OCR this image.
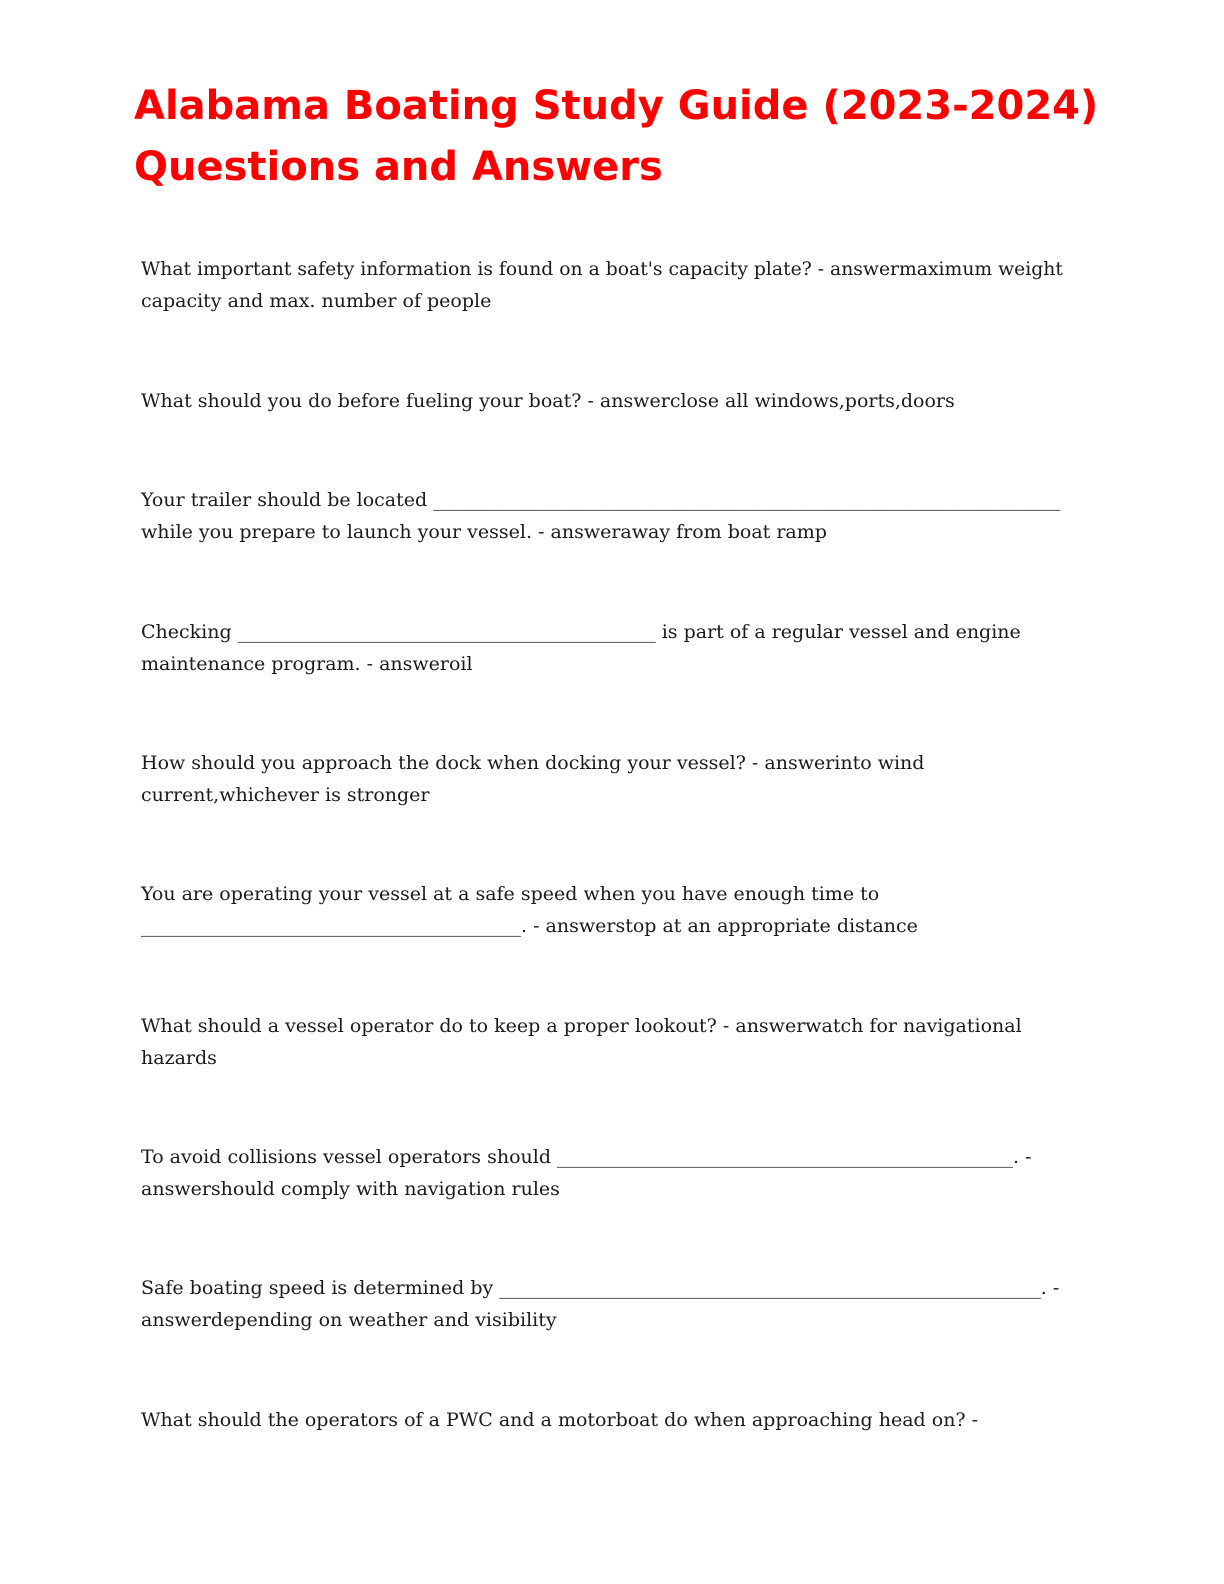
Alabama Boating Study Guide (2023-2024)
Questions and Answers

What important safety information is found on a boat's capacity plate? - answermaximum weight
capacity and max. number of people

What should you do before fueling your boat? - answerclose all windows,ports,doors

Your trailer should be located __________________________________________________________________
while you prepare to launch your vessel. - answeraway from boat ramp

Checking ____________________________________________ is part of a regular vessel and engine
maintenance program. - answeroil

How should you approach the dock when docking your vessel? - answerinto wind
current,whichever is stronger

You are operating your vessel at a safe speed when you have enough time to
________________________________________. - answerstop at an appropriate distance

What should a vessel operator do to keep a proper lookout? - answerwatch for navigational
hazards

To avoid collisions vessel operators should ________________________________________________. -
answershould comply with navigation rules

Safe boating speed is determined by _________________________________________________________. -
answerdepending on weather and visibility

What should the operators of a PWC and a motorboat do when approaching head on? -
